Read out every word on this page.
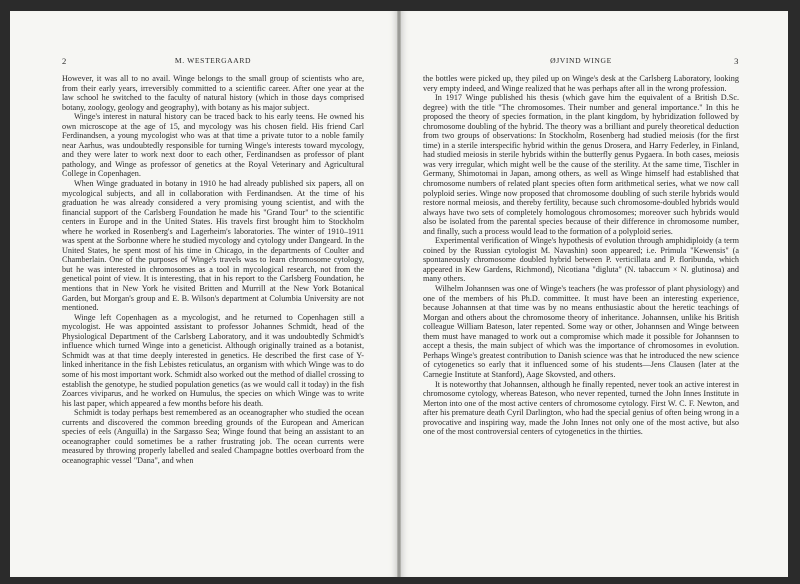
2	M. WESTERGAARD

However, it was all to no avail. Winge belongs to the small group of scientists who are, from their early years, irreversibly committed to a scientific career. After one year at the law school he switched to the faculty of natural history (which in those days comprised botany, zoology, geology and geography), with botany as his major subject.

Winge's interest in natural history can be traced back to his early teens. He owned his own microscope at the age of 15, and mycology was his chosen field. His friend Carl Ferdinandsen, a young mycologist who was at that time a private tutor to a noble family near Aarhus, was undoubtedly responsible for turning Winge's interests toward mycology, and they were later to work next door to each other, Ferdinandsen as professor of plant pathology, and Winge as professor of genetics at the Royal Veterinary and Agricultural College in Copenhagen.

When Winge graduated in botany in 1910 he had already published six papers, all on mycological subjects, and all in collaboration with Ferdinandsen. At the time of his graduation he was already considered a very promising young scientist, and with the financial support of the Carlsberg Foundation he made his "Grand Tour" to the scientific centers in Europe and in the United States. His travels first brought him to Stockholm where he worked in Rosenberg's and Lagerheim's laboratories. The winter of 1910–1911 was spent at the Sorbonne where he studied mycology and cytology under Dangeard. In the United States, he spent most of his time in Chicago, in the departments of Coulter and Chamberlain. One of the purposes of Winge's travels was to learn chromosome cytology, but he was interested in chromosomes as a tool in mycological research, not from the genetical point of view. It is interesting, that in his report to the Carlsberg Foundation, he mentions that in New York he visited Britten and Murrill at the New York Botanical Garden, but Morgan's group and E. B. Wilson's department at Columbia University are not mentioned.

Winge left Copenhagen as a mycologist, and he returned to Copenhagen still a mycologist. He was appointed assistant to professor Johannes Schmidt, head of the Physiological Department of the Carlsberg Laboratory, and it was undoubtedly Schmidt's influence which turned Winge into a geneticist. Although originally trained as a botanist, Schmidt was at that time deeply interested in genetics. He described the first case of Y-linked inheritance in the fish Lebistes reticulatus, an organism with which Winge was to do some of his most important work. Schmidt also worked out the method of diallel crossing to establish the genotype, he studied population genetics (as we would call it today) in the fish Zoarces viviparus, and he worked on Humulus, the species on which Winge was to write his last paper, which appeared a few months before his death.

Schmidt is today perhaps best remembered as an oceanographer who studied the ocean currents and discovered the common breeding grounds of the European and American species of eels (Anguilla) in the Sargasso Sea; Winge found that being an assistant to an oceanographer could sometimes be a rather frustrating job. The ocean currents were measured by throwing properly labelled and sealed Champagne bottles overboard from the oceanographic vessel "Dana", and when

ØJVIND WINGE	3

the bottles were picked up, they piled up on Winge's desk at the Carlsberg Laboratory, looking very empty indeed, and Winge realized that he was perhaps after all in the wrong profession.

In 1917 Winge published his thesis (which gave him the equivalent of a British D.Sc. degree) with the title "The chromosomes. Their number and general importance." In this he proposed the theory of species formation, in the plant kingdom, by hybridization followed by chromosome doubling of the hybrid. The theory was a brilliant and purely theoretical deduction from two groups of observations: In Stockholm, Rosenberg had studied meiosis (for the first time) in a sterile interspecific hybrid within the genus Drosera, and Harry Federley, in Finland, had studied meiosis in sterile hybrids within the butterfly genus Pygaera. In both cases, meiosis was very irregular, which might well be the cause of the sterility. At the same time, Tischler in Germany, Shimotomai in Japan, among others, as well as Winge himself had established that chromosome numbers of related plant species often form arithmetical series, what we now call polyploid series. Winge now proposed that chromosome doubling of such sterile hybrids would restore normal meiosis, and thereby fertility, because such chromosome-doubled hybrids would always have two sets of completely homologous chromosomes; moreover such hybrids would also be isolated from the parental species because of their difference in chromosome number, and finally, such a process would lead to the formation of a polyploid series.

Experimental verification of Winge's hypothesis of evolution through amphidiploidy (a term coined by the Russian cytologist M. Navashin) soon appeared; i.e. Primula "Kewensis" (a spontaneously chromosome doubled hybrid between P. verticillata and P. floribunda, which appeared in Kew Gardens, Richmond), Nicotiana "digluta" (N. tabaccum × N. glutinosa) and many others.

Wilhelm Johannsen was one of Winge's teachers (he was professor of plant physiology) and one of the members of his Ph.D. committee. It must have been an interesting experience, because Johannsen at that time was by no means enthusiastic about the heretic teachings of Morgan and others about the chromosome theory of inheritance. Johannsen, unlike his British colleague William Bateson, later repented. Some way or other, Johannsen and Winge between them must have managed to work out a compromise which made it possible for Johannsen to accept a thesis, the main subject of which was the importance of chromosomes in evolution. Perhaps Winge's greatest contribution to Danish science was that he introduced the new science of cytogenetics so early that it influenced some of his students—Jens Clausen (later at the Carnegie Institute at Stanford), Aage Skovsted, and others.

It is noteworthy that Johannsen, although he finally repented, never took an active interest in chromosome cytology, whereas Bateson, who never repented, turned the John Innes Institute in Merton into one of the most active centers of chromosome cytology. First W. C. F. Newton, and after his premature death Cyril Darlington, who had the special genius of often being wrong in a provocative and inspiring way, made the John Innes not only one of the most active, but also one of the most controversial centers of cytogenetics in the thirties.
